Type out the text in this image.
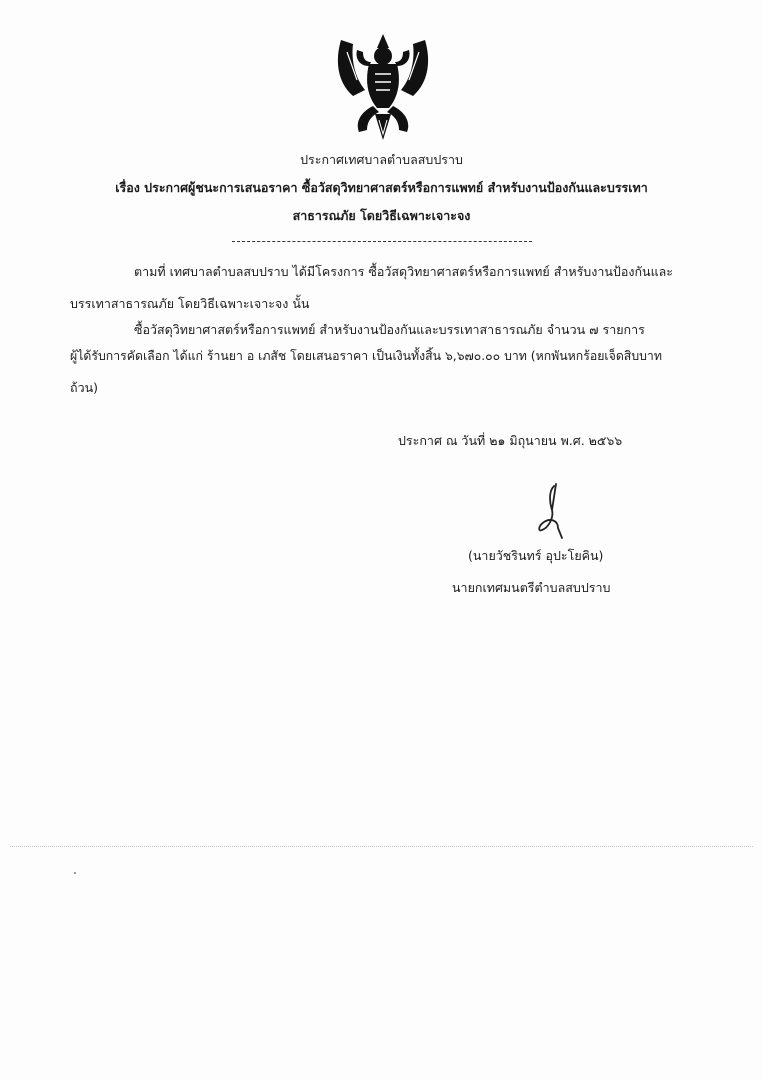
ประกาศเทศบาลตำบลสบปราบ
เรื่อง ประกาศผู้ชนะการเสนอราคา ซื้อวัสดุวิทยาศาสตร์หรือการแพทย์ สำหรับงานป้องกันและบรรเทา
สาธารณภัย โดยวิธีเฉพาะเจาะจง
ตามที่ เทศบาลตำบลสบปราบ ได้มีโครงการ ซื้อวัสดุวิทยาศาสตร์หรือการแพทย์ สำหรับงานป้องกันและ
บรรเทาสาธารณภัย โดยวิธีเฉพาะเจาะจง นั้น
ซื้อวัสดุวิทยาศาสตร์หรือการแพทย์ สำหรับงานป้องกันและบรรเทาสาธารณภัย จำนวน ๗ รายการ
ผู้ได้รับการคัดเลือก ได้แก่ ร้านยา อ เภสัช โดยเสนอราคา เป็นเงินทั้งสิ้น ๖,๖๗๐.๐๐ บาท (หกพันหกร้อยเจ็ดสิบบาท
ถ้วน)
ประกาศ ณ วันที่ ๒๑ มิถุนายน พ.ศ. ๒๕๖๖
(นายวัชรินทร์ อุปะโยคิน)
นายกเทศมนตรีตำบลสบปราบ
